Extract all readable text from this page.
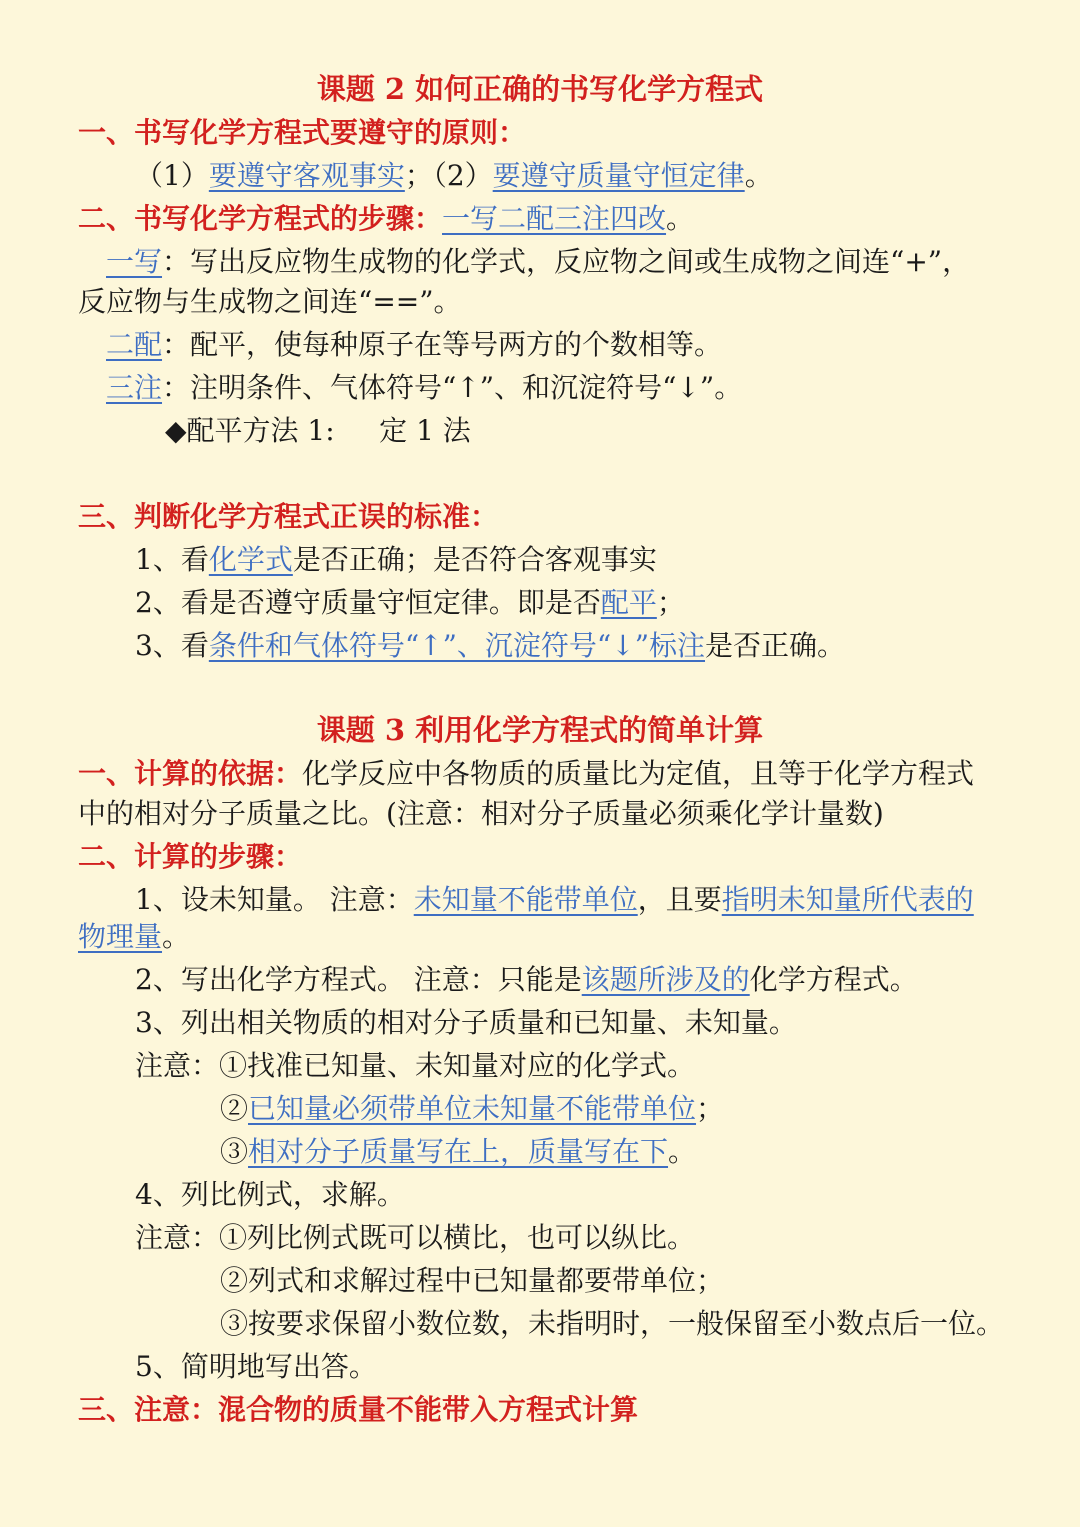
课题 2 如何正确的书写化学方程式
一、书写化学方程式要遵守的原则：
（1）要遵守客观事实；（2）要遵守质量守恒定律。
二、书写化学方程式的步骤：一写二配三注四改。
一写：写出反应物生成物的化学式，反应物之间或生成物之间连“+”，
反应物与生成物之间连“==”。
二配：配平，使每种原子在等号两方的个数相等。
三注：注明条件、气体符号“↑”、和沉淀符号“↓”。
◆配平方法 1:     定 1 法
三、判断化学方程式正误的标准：
1、看化学式是否正确；是否符合客观事实
2、看是否遵守质量守恒定律。即是否配平；
3、看条件和气体符号“↑”、沉淀符号“↓”标注是否正确。
课题 3 利用化学方程式的简单计算
一、计算的依据：化学反应中各物质的质量比为定值，且等于化学方程式
中的相对分子质量之比。(注意：相对分子质量必须乘化学计量数)
二、计算的步骤：
1、设未知量。 注意：未知量不能带单位，且要指明未知量所代表的
物理量。
2、写出化学方程式。 注意：只能是该题所涉及的化学方程式。
3、列出相关物质的相对分子质量和已知量、未知量。
注意：①找准已知量、未知量对应的化学式。
②已知量必须带单位未知量不能带单位；
③相对分子质量写在上，质量写在下。
4、列比例式，求解。
注意：①列比例式既可以横比，也可以纵比。
②列式和求解过程中已知量都要带单位；
③按要求保留小数位数，未指明时，一般保留至小数点后一位。
5、简明地写出答。
三、注意：混合物的质量不能带入方程式计算
